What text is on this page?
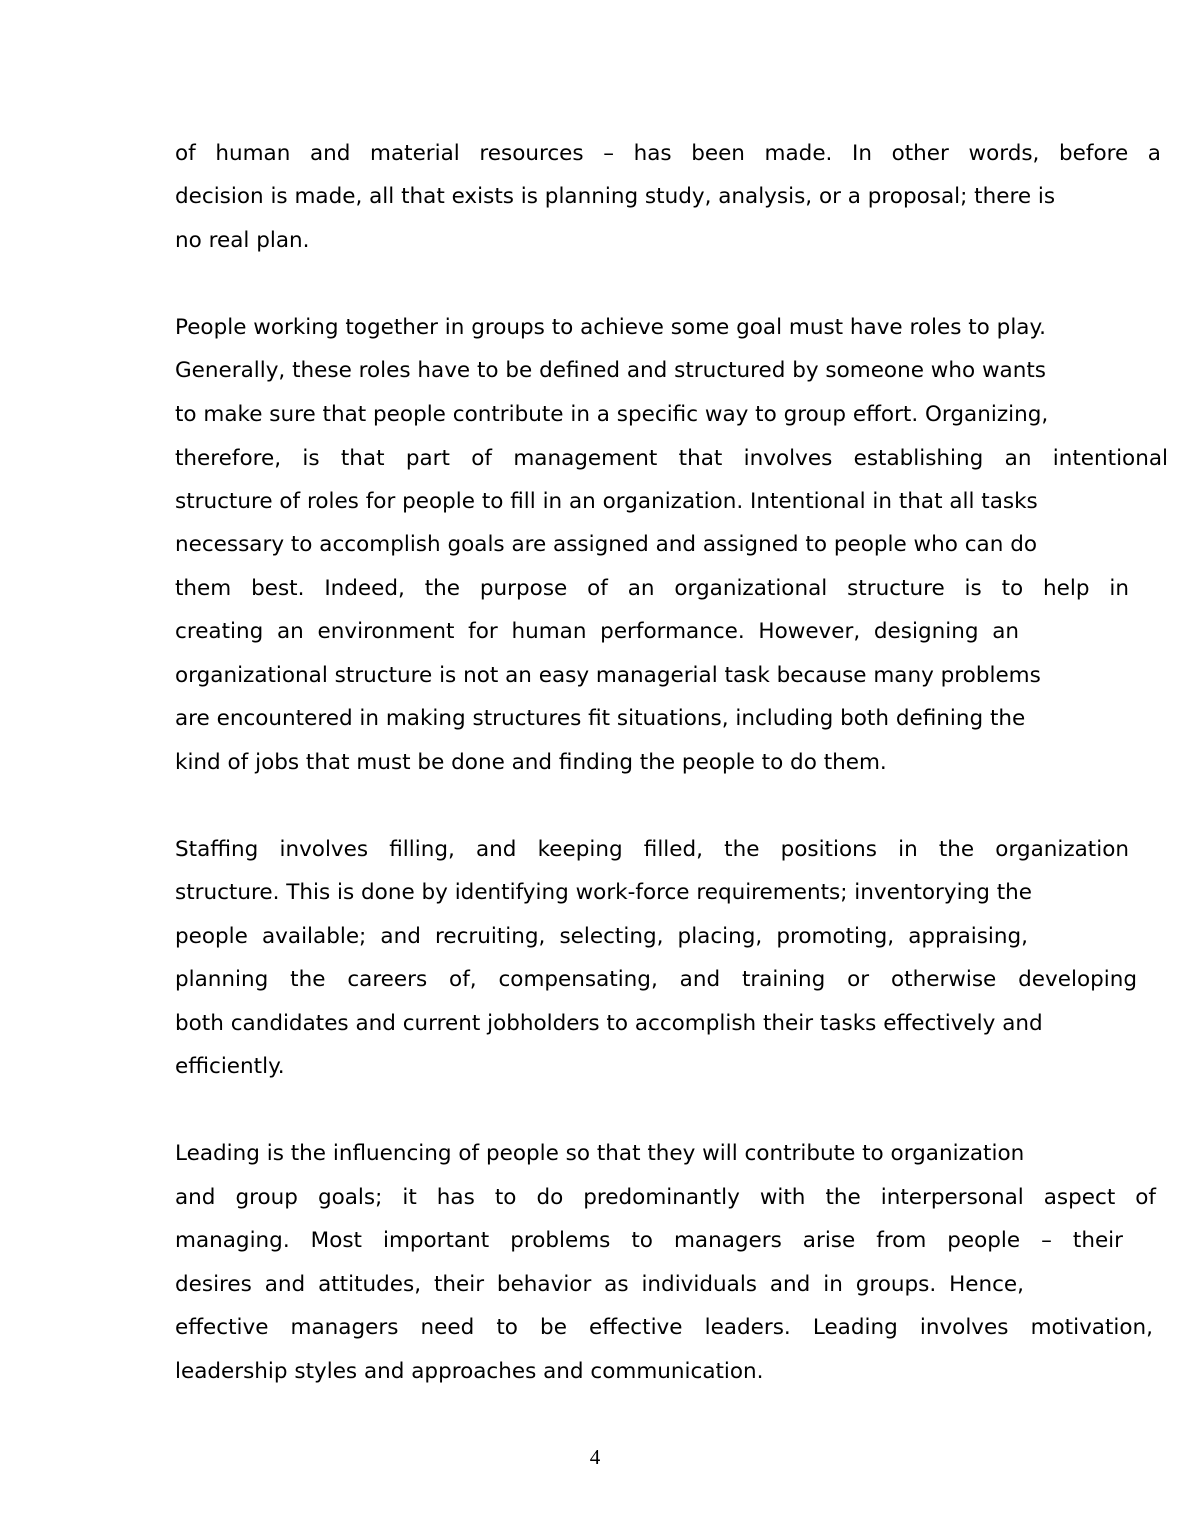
of human and material resources – has been made. In other words, before a
decision is made, all that exists is planning study, analysis, or a proposal; there is
no real plan.
People working together in groups to achieve some goal must have roles to play.
Generally, these roles have to be defined and structured by someone who wants
to make sure that people contribute in a specific way to group effort. Organizing,
therefore, is that part of management that involves establishing an intentional
structure of roles for people to fill in an organization. Intentional in that all tasks
necessary to accomplish goals are assigned and assigned to people who can do
them best. Indeed, the purpose of an organizational structure is to help in
creating an environment for human performance. However, designing an
organizational structure is not an easy managerial task because many problems
are encountered in making structures fit situations, including both defining the
kind of jobs that must be done and finding the people to do them.
Staffing involves filling, and keeping filled, the positions in the organization
structure. This is done by identifying work-force requirements; inventorying the
people available; and recruiting, selecting, placing, promoting, appraising,
planning the careers of, compensating, and training or otherwise developing
both candidates and current jobholders to accomplish their tasks effectively and
efficiently.
Leading is the influencing of people so that they will contribute to organization
and group goals; it has to do predominantly with the interpersonal aspect of
managing. Most important problems to managers arise from people – their
desires and attitudes, their behavior as individuals and in groups. Hence,
effective managers need to be effective leaders. Leading involves motivation,
leadership styles and approaches and communication.
4
